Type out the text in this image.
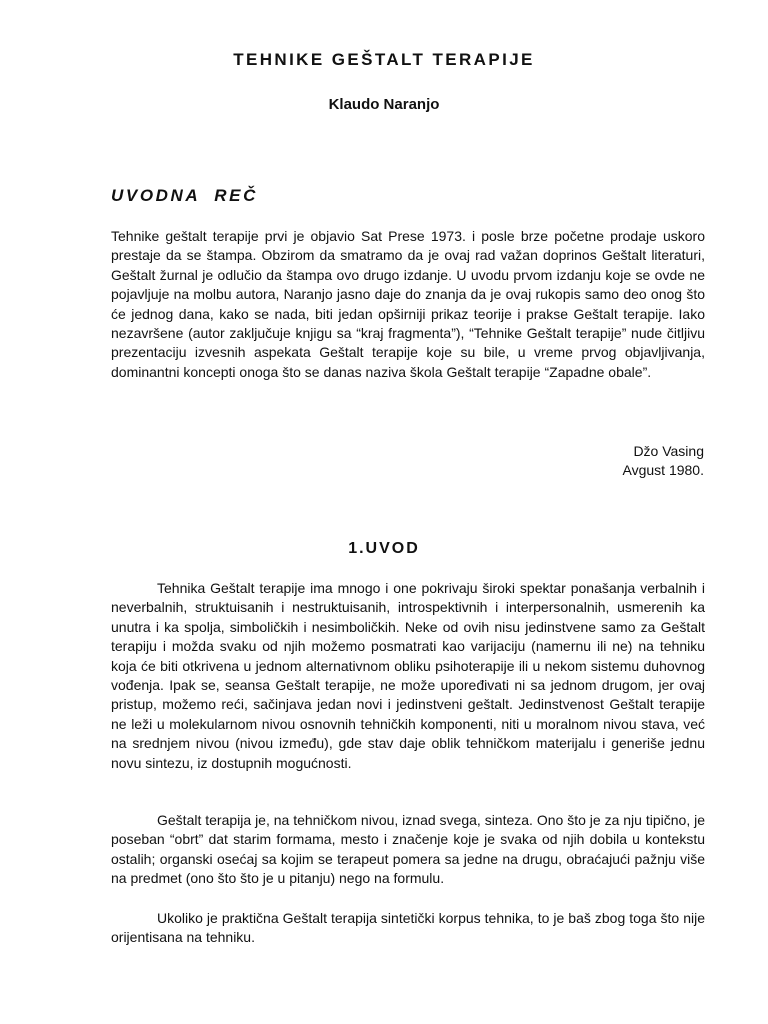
TEHNIKE GEŠTALT TERAPIJE
Klaudo Naranjo
UVODNA  REČ

Tehnike geštalt terapije prvi je objavio Sat Prese 1973. i posle brze početne prodaje uskoro prestaje da se štampa. Obzirom da smatramo da je ovaj rad važan doprinos Geštalt literaturi, Geštalt žurnal je odlučio da štampa ovo drugo izdanje. U uvodu prvom izdanju koje se ovde ne pojavljuje na molbu autora, Naranjo jasno daje do znanja da je ovaj rukopis samo deo onog što će jednog dana, kako se nada, biti jedan opširniji prikaz teorije i prakse Geštalt terapije. Iako nezavršene (autor zaključuje knjigu sa “kraj fragmenta”), “Tehnike Geštalt terapije” nude čitljivu prezentaciju izvesnih aspekata Geštalt terapije koje su bile, u vreme prvog objavljivanja, dominantni koncepti onoga što se danas naziva škola Geštalt terapije “Zapadne obale”.

Džo Vasing
Avgust 1980.
1.UVOD

Tehnika Geštalt terapije ima mnogo i one pokrivaju široki spektar ponašanja verbalnih i neverbalnih, struktuisanih i nestruktuisanih, introspektivnih i interpersonalnih, usmerenih ka unutra i ka spolja, simboličkih i nesimboličkih. Neke od ovih nisu jedinstvene samo za Geštalt terapiju i možda svaku od njih možemo posmatrati kao varijaciju (namernu ili ne) na tehniku koja će biti otkrivena u jednom alternativnom obliku psihoterapije ili u nekom sistemu duhovnog vođenja. Ipak se, seansa Geštalt terapije, ne može upoređivati ni sa jednom drugom, jer ovaj pristup, možemo reći, sačinjava jedan novi i jedinstveni geštalt. Jedinstvenost Geštalt terapije ne leži u molekularnom nivou osnovnih tehničkih komponenti, niti u moralnom nivou stava, već na srednjem nivou (nivou između), gde stav daje oblik tehničkom materijalu i generiše jednu novu sintezu, iz dostupnih mogućnosti.

Geštalt terapija je, na tehničkom nivou, iznad svega, sinteza. Ono što je za nju tipično, je poseban “obrt” dat starim formama, mesto i značenje koje je svaka od njih dobila u kontekstu ostalih; organski osećaj sa kojim se terapeut pomera sa jedne na drugu, obraćajući pažnju više na predmet (ono što što je u pitanju) nego na formulu.

Ukoliko je praktična Geštalt terapija sintetički korpus tehnika, to je baš zbog toga što nije orijentisana na tehniku.
